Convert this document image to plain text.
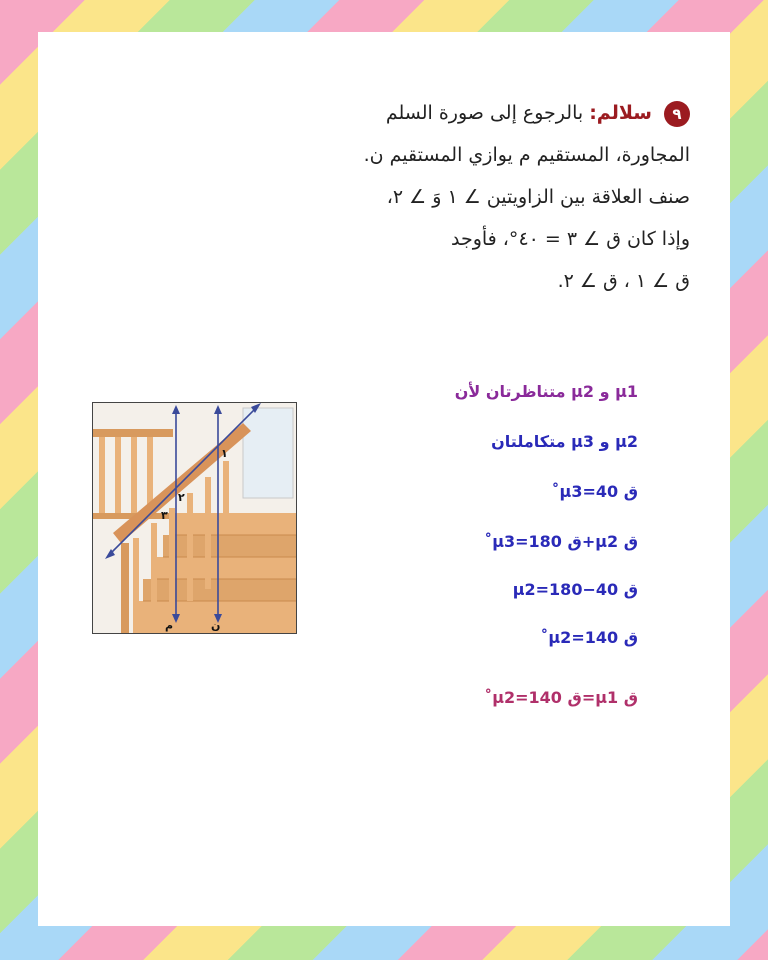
٩ سلالم: بالرجوع إلى صورة السلم
المجاورة، المستقيم م يوازي المستقيم ن.
صنف العلاقة بين الزاويتين ∠ ١ وَ ∠ ٢،
وإذا كان ق ∠ ٣ = ٤٠°، فأوجد
ق ∠ ١ ، ق ∠ ٢.
١
٢
٣
م	ن
µ1 و µ2 متناظرتان لأن
µ2 و µ3 متكاملتان
ق µ3=40˚
ق µ2+ق µ3=180˚
ق µ2=180−40
ق µ2=140˚
ق µ1=ق µ2=140˚
